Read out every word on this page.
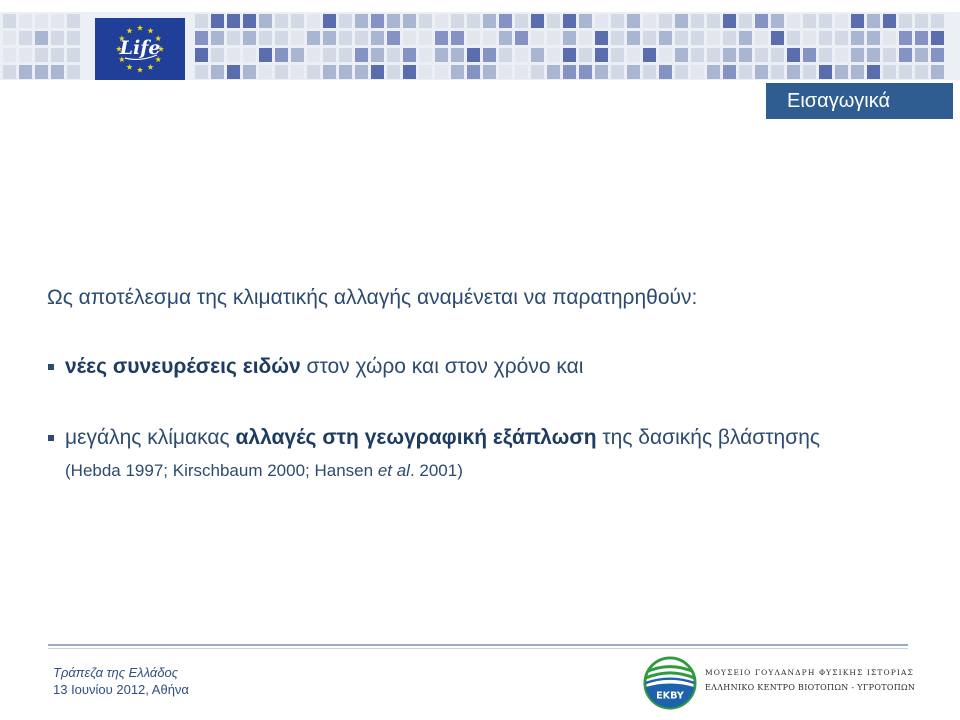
Life
Εισαγωγικά

Ως αποτέλεσμα της κλιματικής αλλαγής αναμένεται να παρατηρηθούν:

νέες συνευρέσεις ειδών στον χώρο και στον χρόνο και
μεγάλης κλίμακας αλλαγές στη γεωγραφική εξάπλωση της δασικής βλάστησης
(Hebda 1997; Kirschbaum 2000; Hansen et al. 2001)
Τράπεζα της Ελλάδος
13 Ιουνίου 2012, Αθήνα	EKBY
ΜΟΥΣΕΙΟ ΓΟΥΛΑΝΔΡΗ ΦΥΣΙΚΗΣ ΙΣΤΟΡΙΑΣ
ΕΛΛΗΝΙΚΟ ΚΕΝΤΡΟ ΒΙΟΤΟΠΩΝ - ΥΓΡΟΤΟΠΩΝ
